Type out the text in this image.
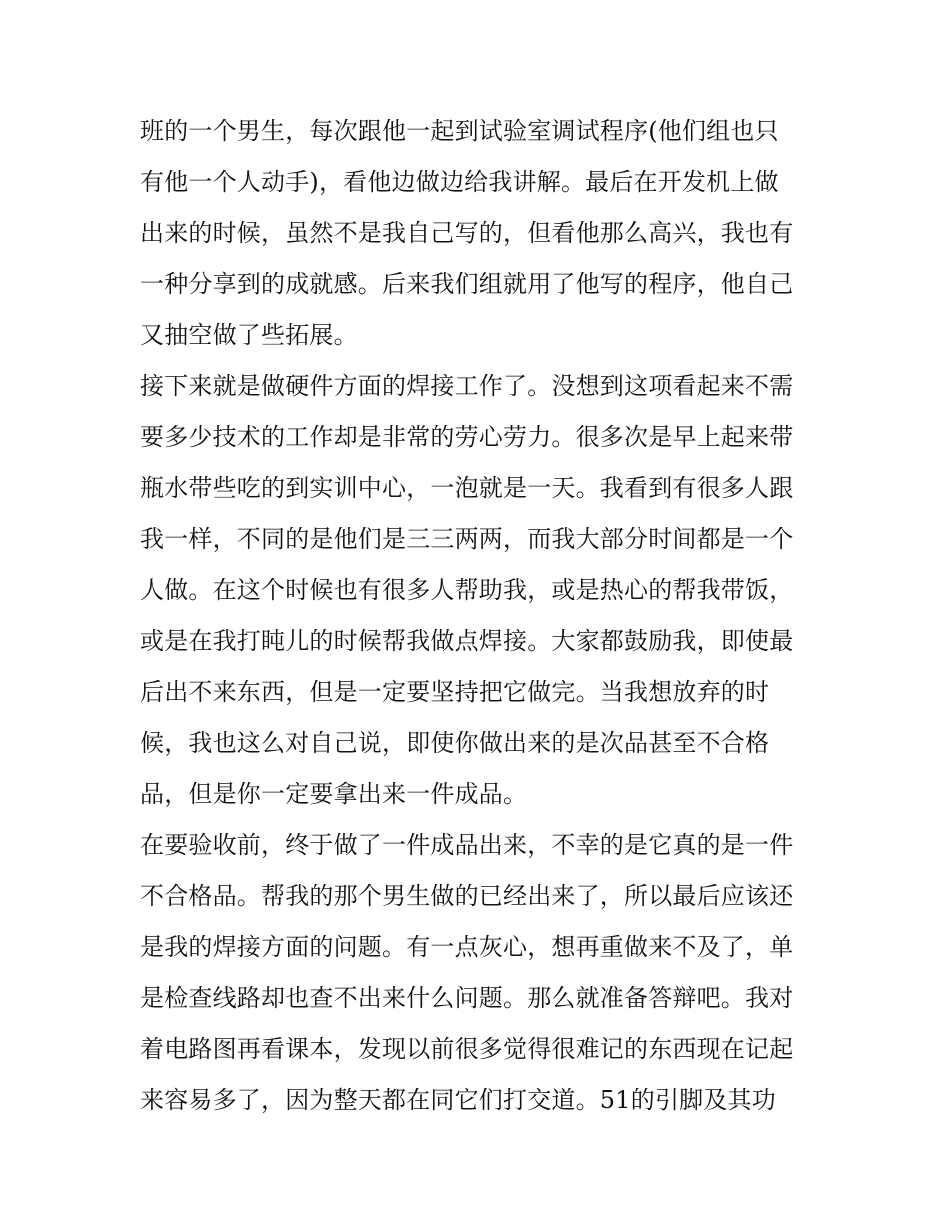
班的一个男生，每次跟他一起到试验室调试程序(他们组也只
有他一个人动手)，看他边做边给我讲解。最后在开发机上做
出来的时候，虽然不是我自己写的，但看他那么高兴，我也有
一种分享到的成就感。后来我们组就用了他写的程序，他自己
又抽空做了些拓展。
接下来就是做硬件方面的焊接工作了。没想到这项看起来不需
要多少技术的工作却是非常的劳心劳力。很多次是早上起来带
瓶水带些吃的到实训中心，一泡就是一天。我看到有很多人跟
我一样，不同的是他们是三三两两，而我大部分时间都是一个
人做。在这个时候也有很多人帮助我，或是热心的帮我带饭，
或是在我打盹儿的时候帮我做点焊接。大家都鼓励我，即使最
后出不来东西，但是一定要坚持把它做完。当我想放弃的时
候，我也这么对自己说，即使你做出来的是次品甚至不合格
品，但是你一定要拿出来一件成品。
在要验收前，终于做了一件成品出来，不幸的是它真的是一件
不合格品。帮我的那个男生做的已经出来了，所以最后应该还
是我的焊接方面的问题。有一点灰心，想再重做来不及了，单
是检查线路却也查不出来什么问题。那么就准备答辩吧。我对
着电路图再看课本，发现以前很多觉得很难记的东西现在记起
来容易多了，因为整天都在同它们打交道。51的引脚及其功
